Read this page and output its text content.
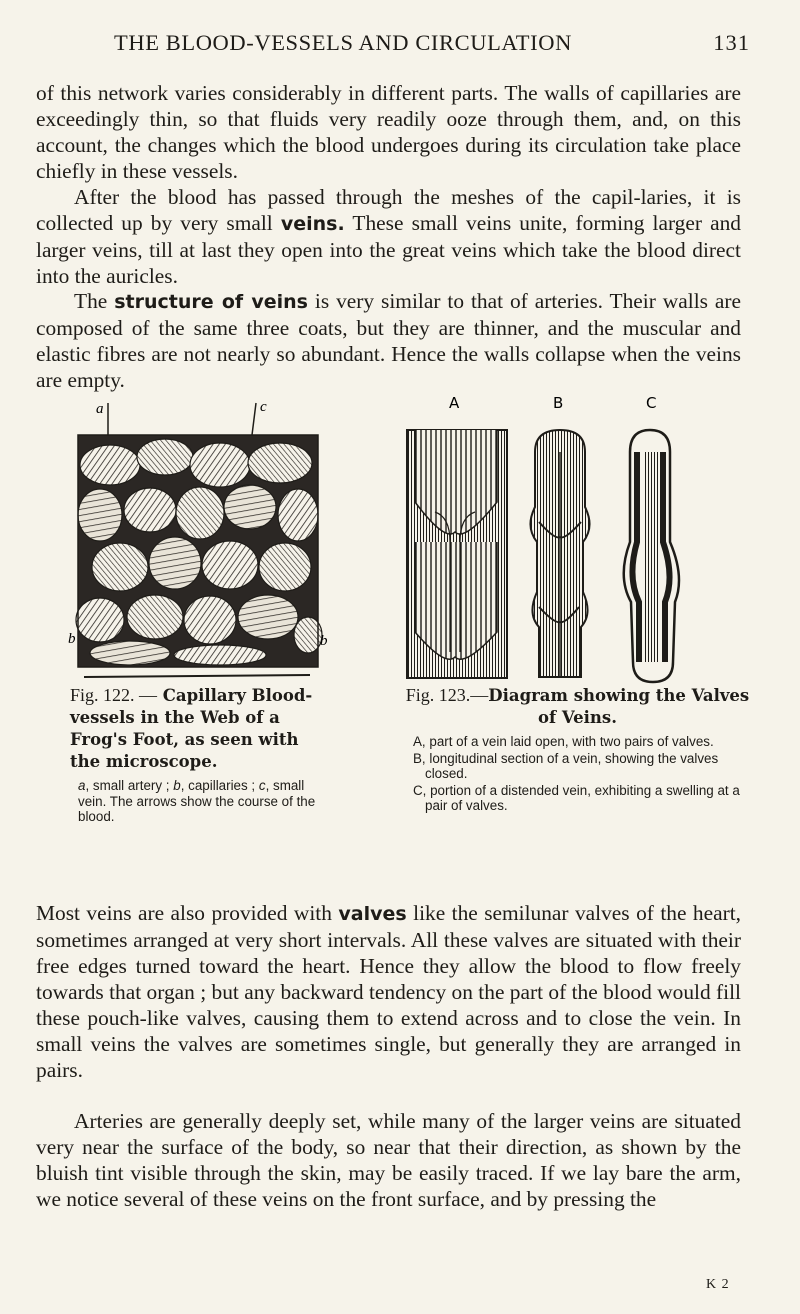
THE BLOOD-VESSELS AND CIRCULATION	131

of this network varies considerably in different parts. The walls of capillaries are exceedingly thin, so that fluids very readily ooze through them, and, on this account, the changes which the blood undergoes during its circulation take place chiefly in these vessels.

After the blood has passed through the meshes of the capil-laries, it is collected up by very small veins. These small veins unite, forming larger and larger veins, till at last they open into the great veins which take the blood direct into the auricles.

The structure of veins is very similar to that of arteries. Their walls are composed of the same three coats, but they are thinner, and the muscular and elastic fibres are not nearly so abundant. Hence the walls collapse when the veins are empty.

a	c
b	b
A	B	C

Fig. 122. — Capillary Blood-vessels in the Web of a Frog's Foot, as seen with the microscope.

a, small artery ; b, capillaries ; c, small vein. The arrows show the course of the blood.

Fig. 123.—Diagram showing the Valves of Veins.

A, part of a vein laid open, with two pairs of valves.

B, longitudinal section of a vein, showing the valves closed.

C, portion of a distended vein, exhibiting a swelling at a pair of valves.

Most veins are also provided with valves like the semilunar valves of the heart, sometimes arranged at very short intervals. All these valves are situated with their free edges turned toward the heart. Hence they allow the blood to flow freely towards that organ ; but any backward tendency on the part of the blood would fill these pouch-like valves, causing them to extend across and to close the vein. In small veins the valves are sometimes single, but generally they are arranged in pairs.

Arteries are generally deeply set, while many of the larger veins are situated very near the surface of the body, so near that their direction, as shown by the bluish tint visible through the skin, may be easily traced. If we lay bare the arm, we notice several of these veins on the front surface, and by pressing the

K 2
